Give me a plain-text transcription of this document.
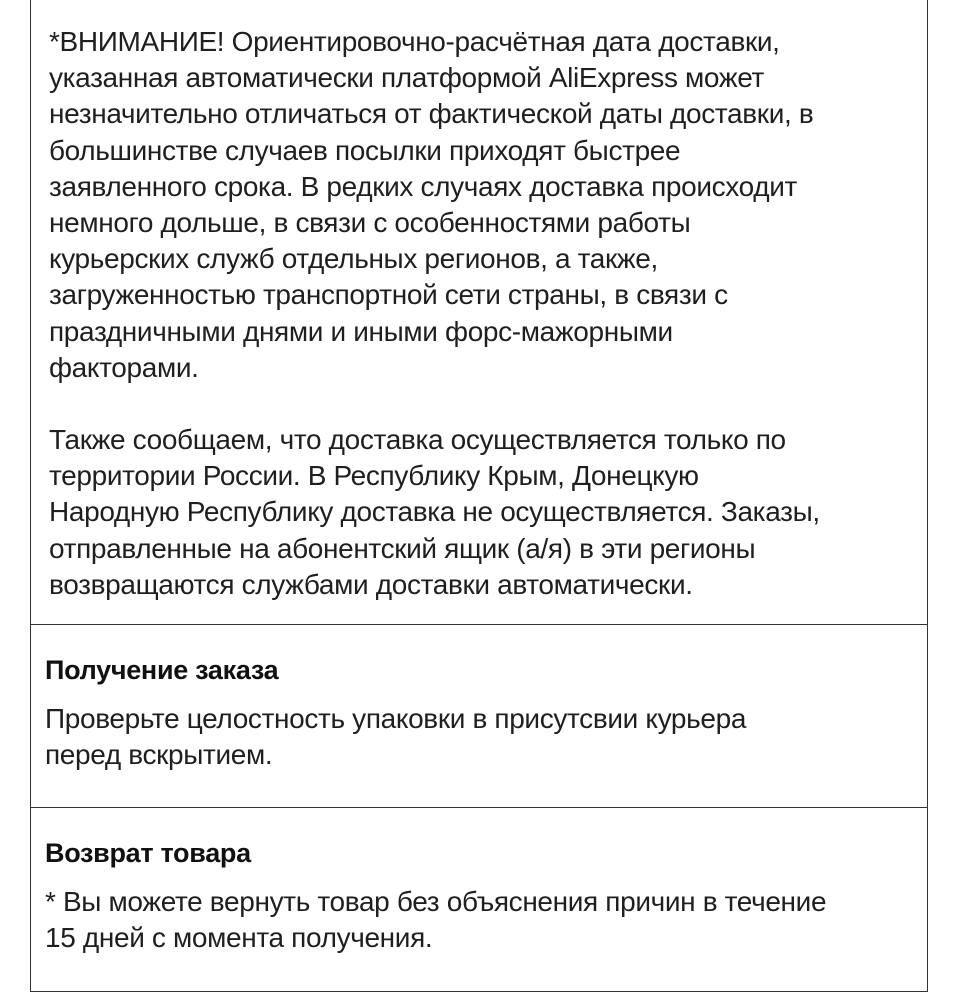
*ВНИМАНИЕ! Ориентировочно-расчётная дата доставки,
указанная автоматически платформой AliExpress может
незначительно отличаться от фактической даты доставки, в
большинстве случаев посылки приходят быстрее
заявленного срока. В редких случаях доставка происходит
немного дольше, в связи с особенностями работы
курьерских служб отдельных регионов, а также,
загруженностью транспортной сети страны, в связи с
праздничными днями и иными форс-мажорными
факторами.

Также сообщаем, что доставка осуществляется только по
территории России. В Республику Крым, Донецкую
Народную Республику доставка не осуществляется. Заказы,
отправленные на абонентский ящик (а/я) в эти регионы
возвращаются службами доставки автоматически.

Получение заказа

Проверьте целостность упаковки в присутсвии курьера
перед вскрытием.

Возврат товара

* Вы можете вернуть товар без объяснения причин в течение
15 дней с момента получения.
